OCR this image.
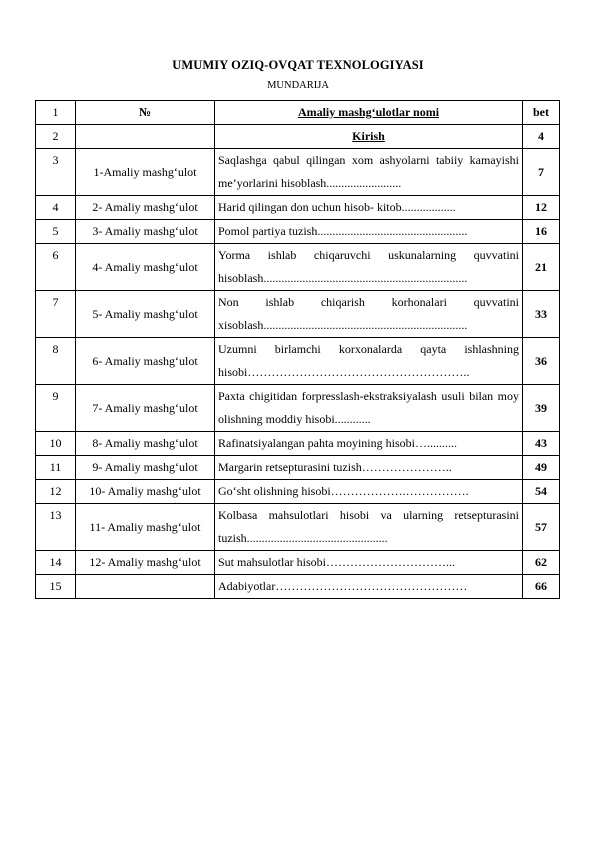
UMUMIY OZIQ-OVQAT TEXNOLOGIYASI
MUNDARIJA
1	№	Amaliy mashg‘ulotlar nomi	bet
2		Kirish	4
3	1-Amaliy mashg‘ulot	Saqlashga qabul qilingan xom ashyolarni tabiiy kamayishi me’yorlarini hisoblash.........................	7
4	2- Amaliy mashg‘ulot	Harid qilingan don uchun hisob- kitob..................	12
5	3- Amaliy mashg‘ulot	Pomol partiya tuzish..................................................	16
6	4- Amaliy mashg‘ulot	Yorma ishlab chiqaruvchi uskunalarning quvvatini hisoblash....................................................................	21
7	5- Amaliy mashg‘ulot	Non ishlab chiqarish korhonalari quvvatini xisoblash....................................................................	33
8	6- Amaliy mashg‘ulot	Uzumni birlamchi korxonalarda qayta ishlashning hisobi………………………………………………..	36
9	7- Amaliy mashg‘ulot	Paxta chigitidan forpresslash-ekstraksiyalash usuli bilan moy olishning moddiy hisobi............	39
10	8- Amaliy mashg‘ulot	Rafinatsiyalangan pahta moyining hisobi…..........	43
11	9- Amaliy mashg‘ulot	Margarin retsepturasini tuzish…………………..	49
12	10- Amaliy mashg‘ulot	Go‘sht olishning hisobi……………….…………….	54
13	11- Amaliy mashg‘ulot	Kolbasa mahsulotlari hisobi va ularning retsepturasini tuzish...............................................	57
14	12- Amaliy mashg‘ulot	Sut mahsulotlar hisobi…………………………...	62
15		Adabiyotlar…………………………………………	66
